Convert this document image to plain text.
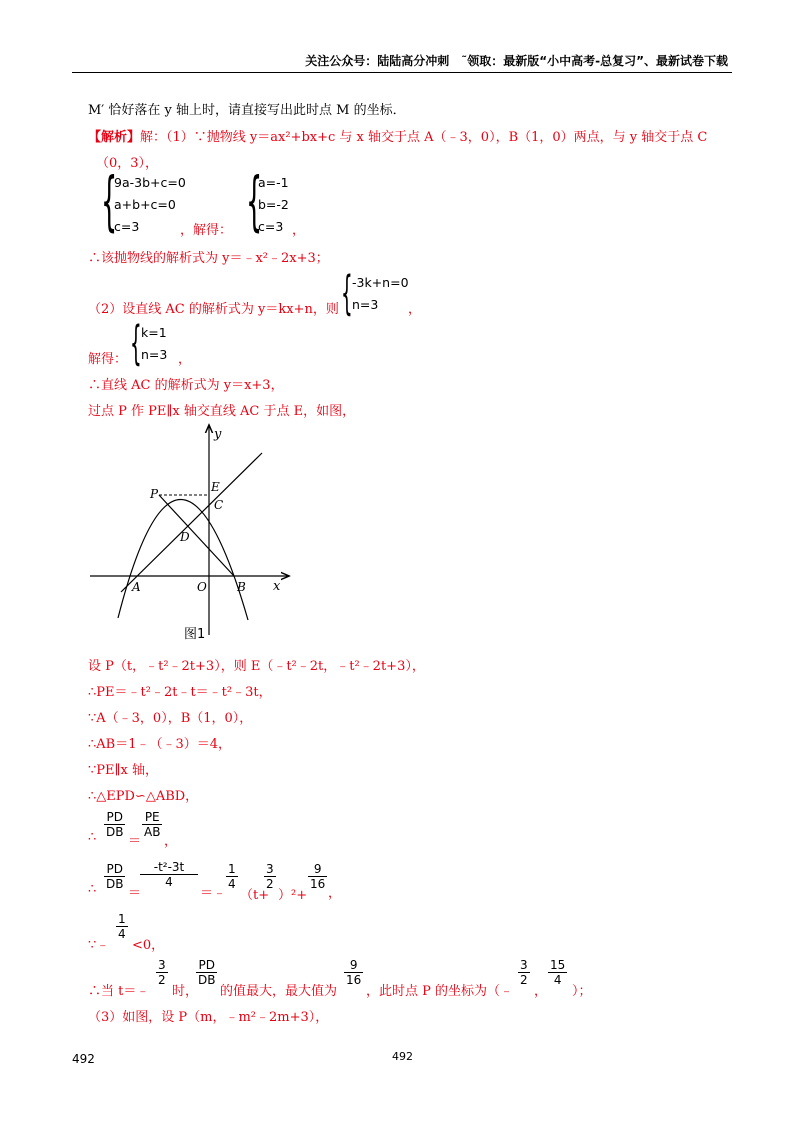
关注公众号：陆陆高分冲刺　˜领取：最新版“小中高考-总复习”、最新试卷下载
M′ 恰好落在 y 轴上时，请直接写出此时点 M 的坐标．
【解析】解：（1）∵抛物线 y＝ax²+bx+c 与 x 轴交于点 A（﹣3，0），B（1，0）两点，与 y 轴交于点 C
（0，3），
{
9a-3b+c=0
a+b+c=0
c=3	，解得： {
a=-1
b=-2
c=3 ，
∴该抛物线的解析式为 y＝﹣x²﹣2x+3；
（2）设直线 AC 的解析式为 y＝kx+n，则 { -3k+n=0
n=3	，
解得： { k=1
n=3 ，
∴直线 AC 的解析式为 y＝x+3，
过点 P 作 PE∥x 轴交直线 AC 于点 E，如图，
y
x
O
A	B
C
D
E
P
图1
设 P（t，﹣t²﹣2t+3），则 E（﹣t²﹣2t，﹣t²﹣2t+3），
∴PE＝﹣t²﹣2t﹣t＝﹣t²﹣3t，
∵A（﹣3，0），B（1，0），
∴AB＝1﹣（﹣3）＝4，
∵PE∥x 轴，
∴△EPD∽△ABD，
∴ $\frac{PD}{DB}$
＝
$\frac{PE}{AB}$
，
∴ $\frac{PD}{DB}$
＝
$\frac{\text{-t²-3t}}{4}$
＝﹣
$\frac{1}{4}$
（t+
$\frac{3}{2}$
）²+
$\frac{9}{16}$
，
∵﹣
$\frac{1}{4}$
<0，
∴当 t＝﹣
$\frac{3}{2}$
时，
$\frac{PD}{DB}$
的值最大，最大值为
$\frac{9}{16}$
，此时点 P 的坐标为（﹣
$\frac{3}{2}$
，
$\frac{15}{4}$
）；
（3）如图，设 P（m，﹣m²﹣2m+3），
492	492
